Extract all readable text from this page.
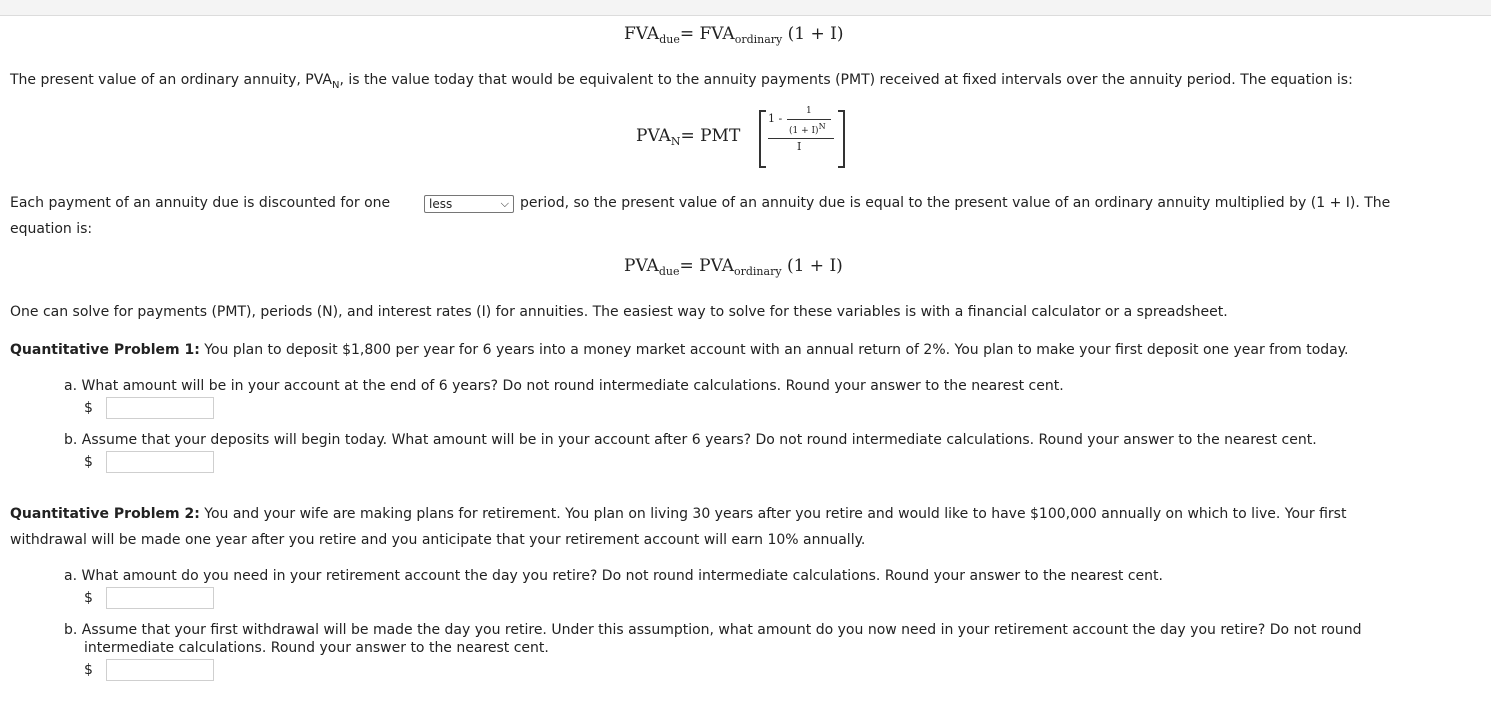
$FVA_{due}= FVA_{ordinary}$ (1 + I)
The present value of an ordinary annuity, $PVA_N$, is the value today that would be equivalent to the annuity payments (PMT) received at fixed intervals over the annuity period. The equation is:
$PVA_N=$ PMT
1 -
1
$(1 + I)^N$
I
Each payment of an annuity due is discounted for one	less	⌵ period, so the present value of an annuity due is equal to the present value of an ordinary annuity multiplied by (1 + I). The
equation is:
$PVA_{due}= PVA_{ordinary}$ (1 + I)
One can solve for payments (PMT), periods (N), and interest rates (I) for annuities. The easiest way to solve for these variables is with a financial calculator or a spreadsheet.
Quantitative Problem 1: You plan to deposit $1,800 per year for 6 years into a money market account with an annual return of 2%. You plan to make your first deposit one year from today.
a. What amount will be in your account at the end of 6 years? Do not round intermediate calculations. Round your answer to the nearest cent.
$
b. Assume that your deposits will begin today. What amount will be in your account after 6 years? Do not round intermediate calculations. Round your answer to the nearest cent.
$
Quantitative Problem 2: You and your wife are making plans for retirement. You plan on living 30 years after you retire and would like to have $100,000 annually on which to live. Your first
withdrawal will be made one year after you retire and you anticipate that your retirement account will earn 10% annually.
a. What amount do you need in your retirement account the day you retire? Do not round intermediate calculations. Round your answer to the nearest cent.
$
b. Assume that your first withdrawal will be made the day you retire. Under this assumption, what amount do you now need in your retirement account the day you retire? Do not round
intermediate calculations. Round your answer to the nearest cent.
$
